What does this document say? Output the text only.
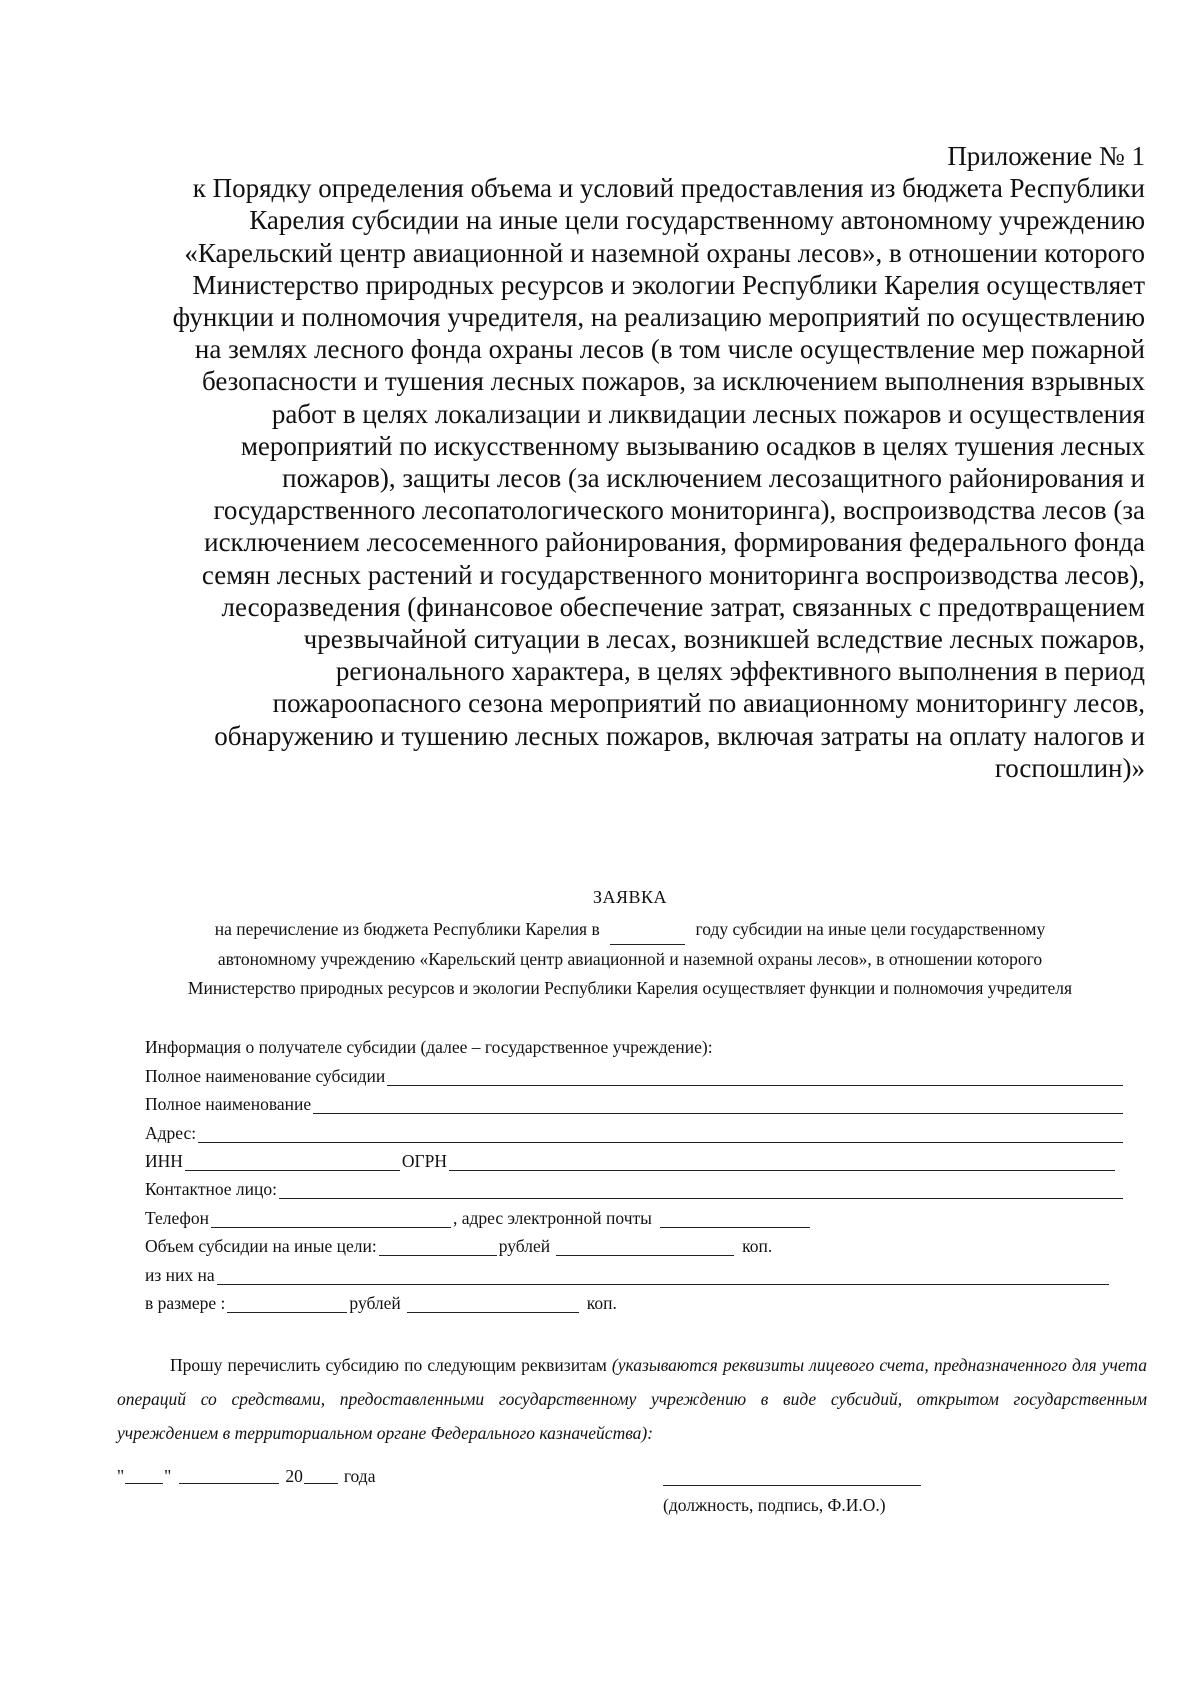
Приложение № 1
к Порядку определения объема и условий предоставления из бюджета Республики
Карелия субсидии на иные цели государственному автономному учреждению
«Карельский центр авиационной и наземной охраны лесов», в отношении которого
Министерство природных ресурсов и экологии Республики Карелия осуществляет
функции и полномочия учредителя, на реализацию мероприятий по осуществлению
на землях лесного фонда охраны лесов (в том числе осуществление мер пожарной
безопасности и тушения лесных пожаров, за исключением выполнения взрывных
работ в целях локализации и ликвидации лесных пожаров и осуществления
мероприятий по искусственному вызыванию осадков в целях тушения лесных
пожаров), защиты лесов (за исключением лесозащитного районирования и
государственного лесопатологического мониторинга), воспроизводства лесов (за
исключением лесосеменного районирования, формирования федерального фонда
семян лесных растений и государственного мониторинга воспроизводства лесов),
лесоразведения (финансовое обеспечение затрат, связанных с предотвращением
чрезвычайной ситуации в лесах, возникшей вследствие лесных пожаров,
регионального характера, в целях эффективного выполнения в период
пожароопасного сезона мероприятий по авиационному мониторингу лесов,
обнаружению и тушению лесных пожаров, включая затраты на оплату налогов и
госпошлин)»
ЗАЯВКА
на перечисление из бюджета Республики Карелия в	году субсидии на иные цели государственному
автономному учреждению «Карельский центр авиационной и наземной охраны лесов», в отношении которого
Министерство природных ресурсов и экологии Республики Карелия осуществляет функции и полномочия учредителя
Информация о получателе субсидии (далее – государственное учреждение):
Полное наименование субсидии
Полное наименование
Адрес:
ИНН	ОГРН
Контактное лицо:
Телефон	, адрес электронной почты
Объем субсидии на иные цели:	рублей	коп.
из них на
в размере :	рублей	коп.
Прошу перечислить субсидию по следующим реквизитам (указываются реквизиты лицевого счета, предназначенного для учета операций со средствами, предоставленными государственному учреждению в виде субсидий, открытом государственным учреждением в территориальном органе Федерального казначейства):
" "	20 года
(должность, подпись, Ф.И.О.)
